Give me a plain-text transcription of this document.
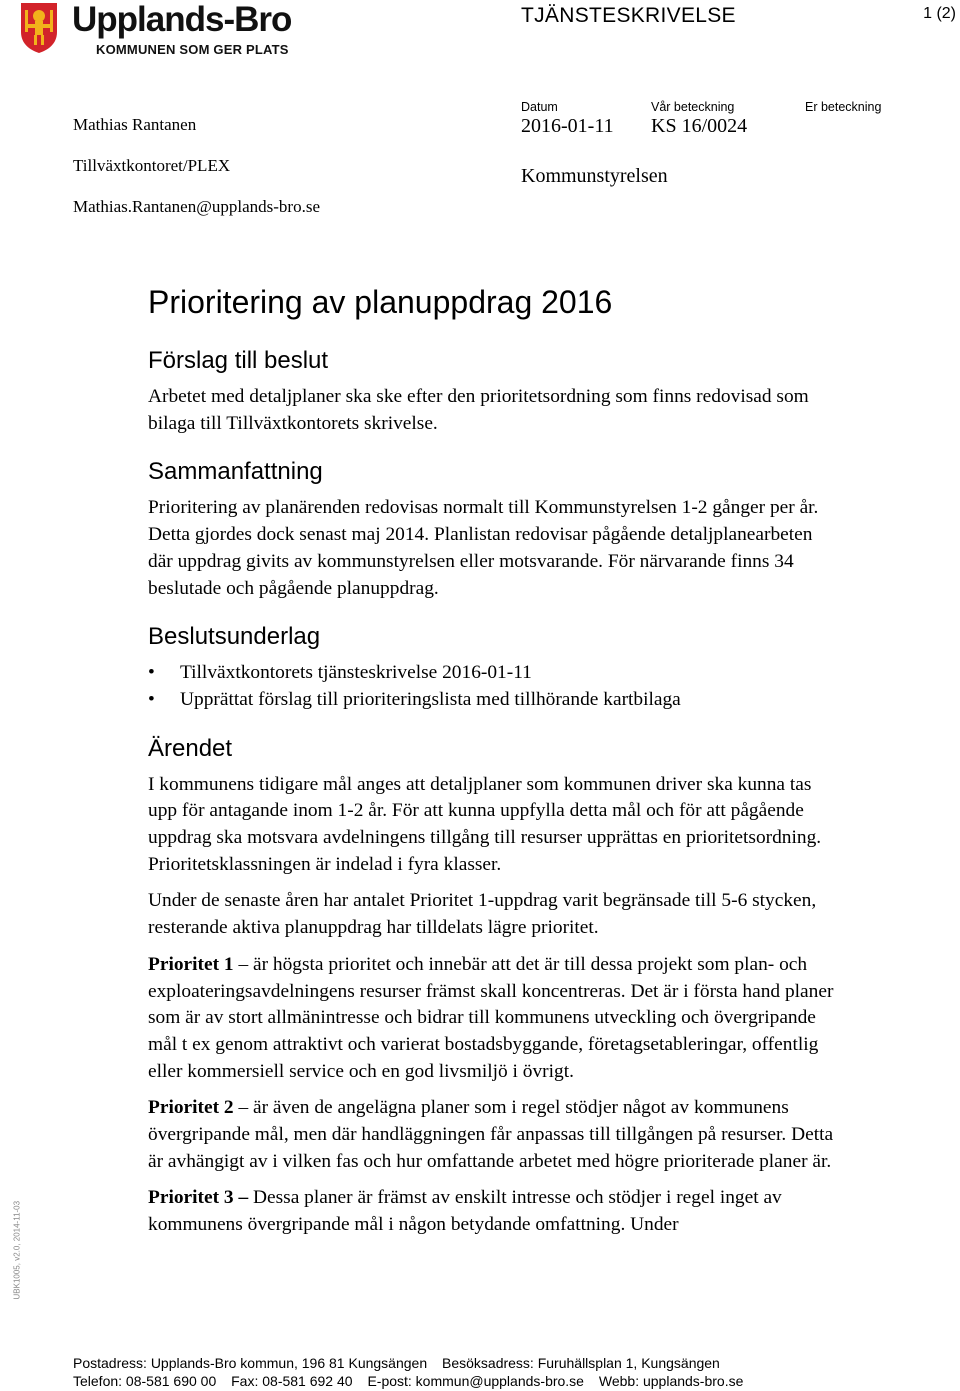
Upplands-Bro
KOMMUNEN SOM GER PLATS
TJÄNSTESKRIVELSE	1 (2)
Mathias Rantanen
Tillväxtkontoret/PLEX
Mathias.Rantanen@upplands-bro.se
Datum
2016-01-11
Vår beteckning
KS 16/0024
Er beteckning
Kommunstyrelsen
Prioritering av planuppdrag 2016
Förslag till beslut

Arbetet med detaljplaner ska ske efter den prioritetsordning som finns redovisad som bilaga till Tillväxtkontorets skrivelse.

Sammanfattning

Prioritering av planärenden redovisas normalt till Kommunstyrelsen 1-2 gånger per år. Detta gjordes dock senast maj 2014. Planlistan redovisar pågående detaljplanearbeten där uppdrag givits av kommunstyrelsen eller motsvarande. För närvarande finns 34 beslutade och pågående planuppdrag.

Beslutsunderlag
• Tillväxtkontorets tjänsteskrivelse 2016-01-11
• Upprättat förslag till prioriteringslista med tillhörande kartbilaga
Ärendet

I kommunens tidigare mål anges att detaljplaner som kommunen driver ska kunna tas upp för antagande inom 1-2 år. För att kunna uppfylla detta mål och för att pågående uppdrag ska motsvara avdelningens tillgång till resurser upprättas en prioritetsordning. Prioritetsklassningen är indelad i fyra klasser.

Under de senaste åren har antalet Prioritet 1-uppdrag varit begränsade till 5-6 stycken, resterande aktiva planuppdrag har tilldelats lägre prioritet.

Prioritet 1 – är högsta prioritet och innebär att det är till dessa projekt som plan- och exploateringsavdelningens resurser främst skall koncentreras. Det är i första hand planer som är av stort allmänintresse och bidrar till kommunens utveckling och övergripande mål t ex genom attraktivt och varierat bostadsbyggande, företagsetableringar, offentlig eller kommersiell service och en god livsmiljö i övrigt.

Prioritet 2 – är även de angelägna planer som i regel stödjer något av kommunens övergripande mål, men där handläggningen får anpassas till tillgången på resurser. Detta är avhängigt av i vilken fas och hur omfattande arbetet med högre prioriterade planer är.

Prioritet 3 – Dessa planer är främst av enskilt intresse och stödjer i regel inget av kommunens övergripande mål i någon betydande omfattning. Under

UBK1005, v2.0, 2014-11-03
Postadress: Upplands-Bro kommun, 196 81 Kungsängen Besöksadress: Furuhällsplan 1, Kungsängen
Telefon: 08-581 690 00 Fax: 08-581 692 40 E-post: kommun@upplands-bro.se Webb: upplands-bro.se
